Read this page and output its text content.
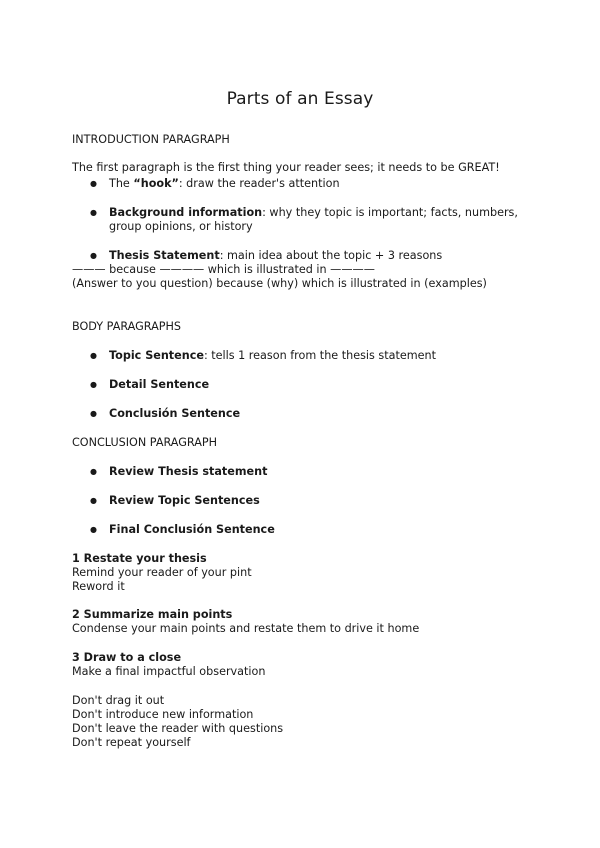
Parts of an Essay

INTRODUCTION PARAGRAPH

The first paragraph is the first thing your reader sees; it needs to be GREAT!

● The “hook”: draw the reader's attention

● Background information: why they topic is important; facts, numbers, group opinions, or history

● Thesis Statement: main idea about the topic + 3 reasons

——— because ———— which is illustrated in ————

(Answer to you question) because (why) which is illustrated in (examples)

BODY PARAGRAPHS

● Topic Sentence: tells 1 reason from the thesis statement

● Detail Sentence

● Conclusión Sentence

CONCLUSION PARAGRAPH

● Review Thesis statement

● Review Topic Sentences

● Final Conclusión Sentence

1 Restate your thesis

Remind your reader of your pint

Reword it

2 Summarize main points

Condense your main points and restate them to drive it home

3 Draw to a close

Make a final impactful observation

Don't drag it out

Don't introduce new information

Don't leave the reader with questions

Don't repeat yourself
